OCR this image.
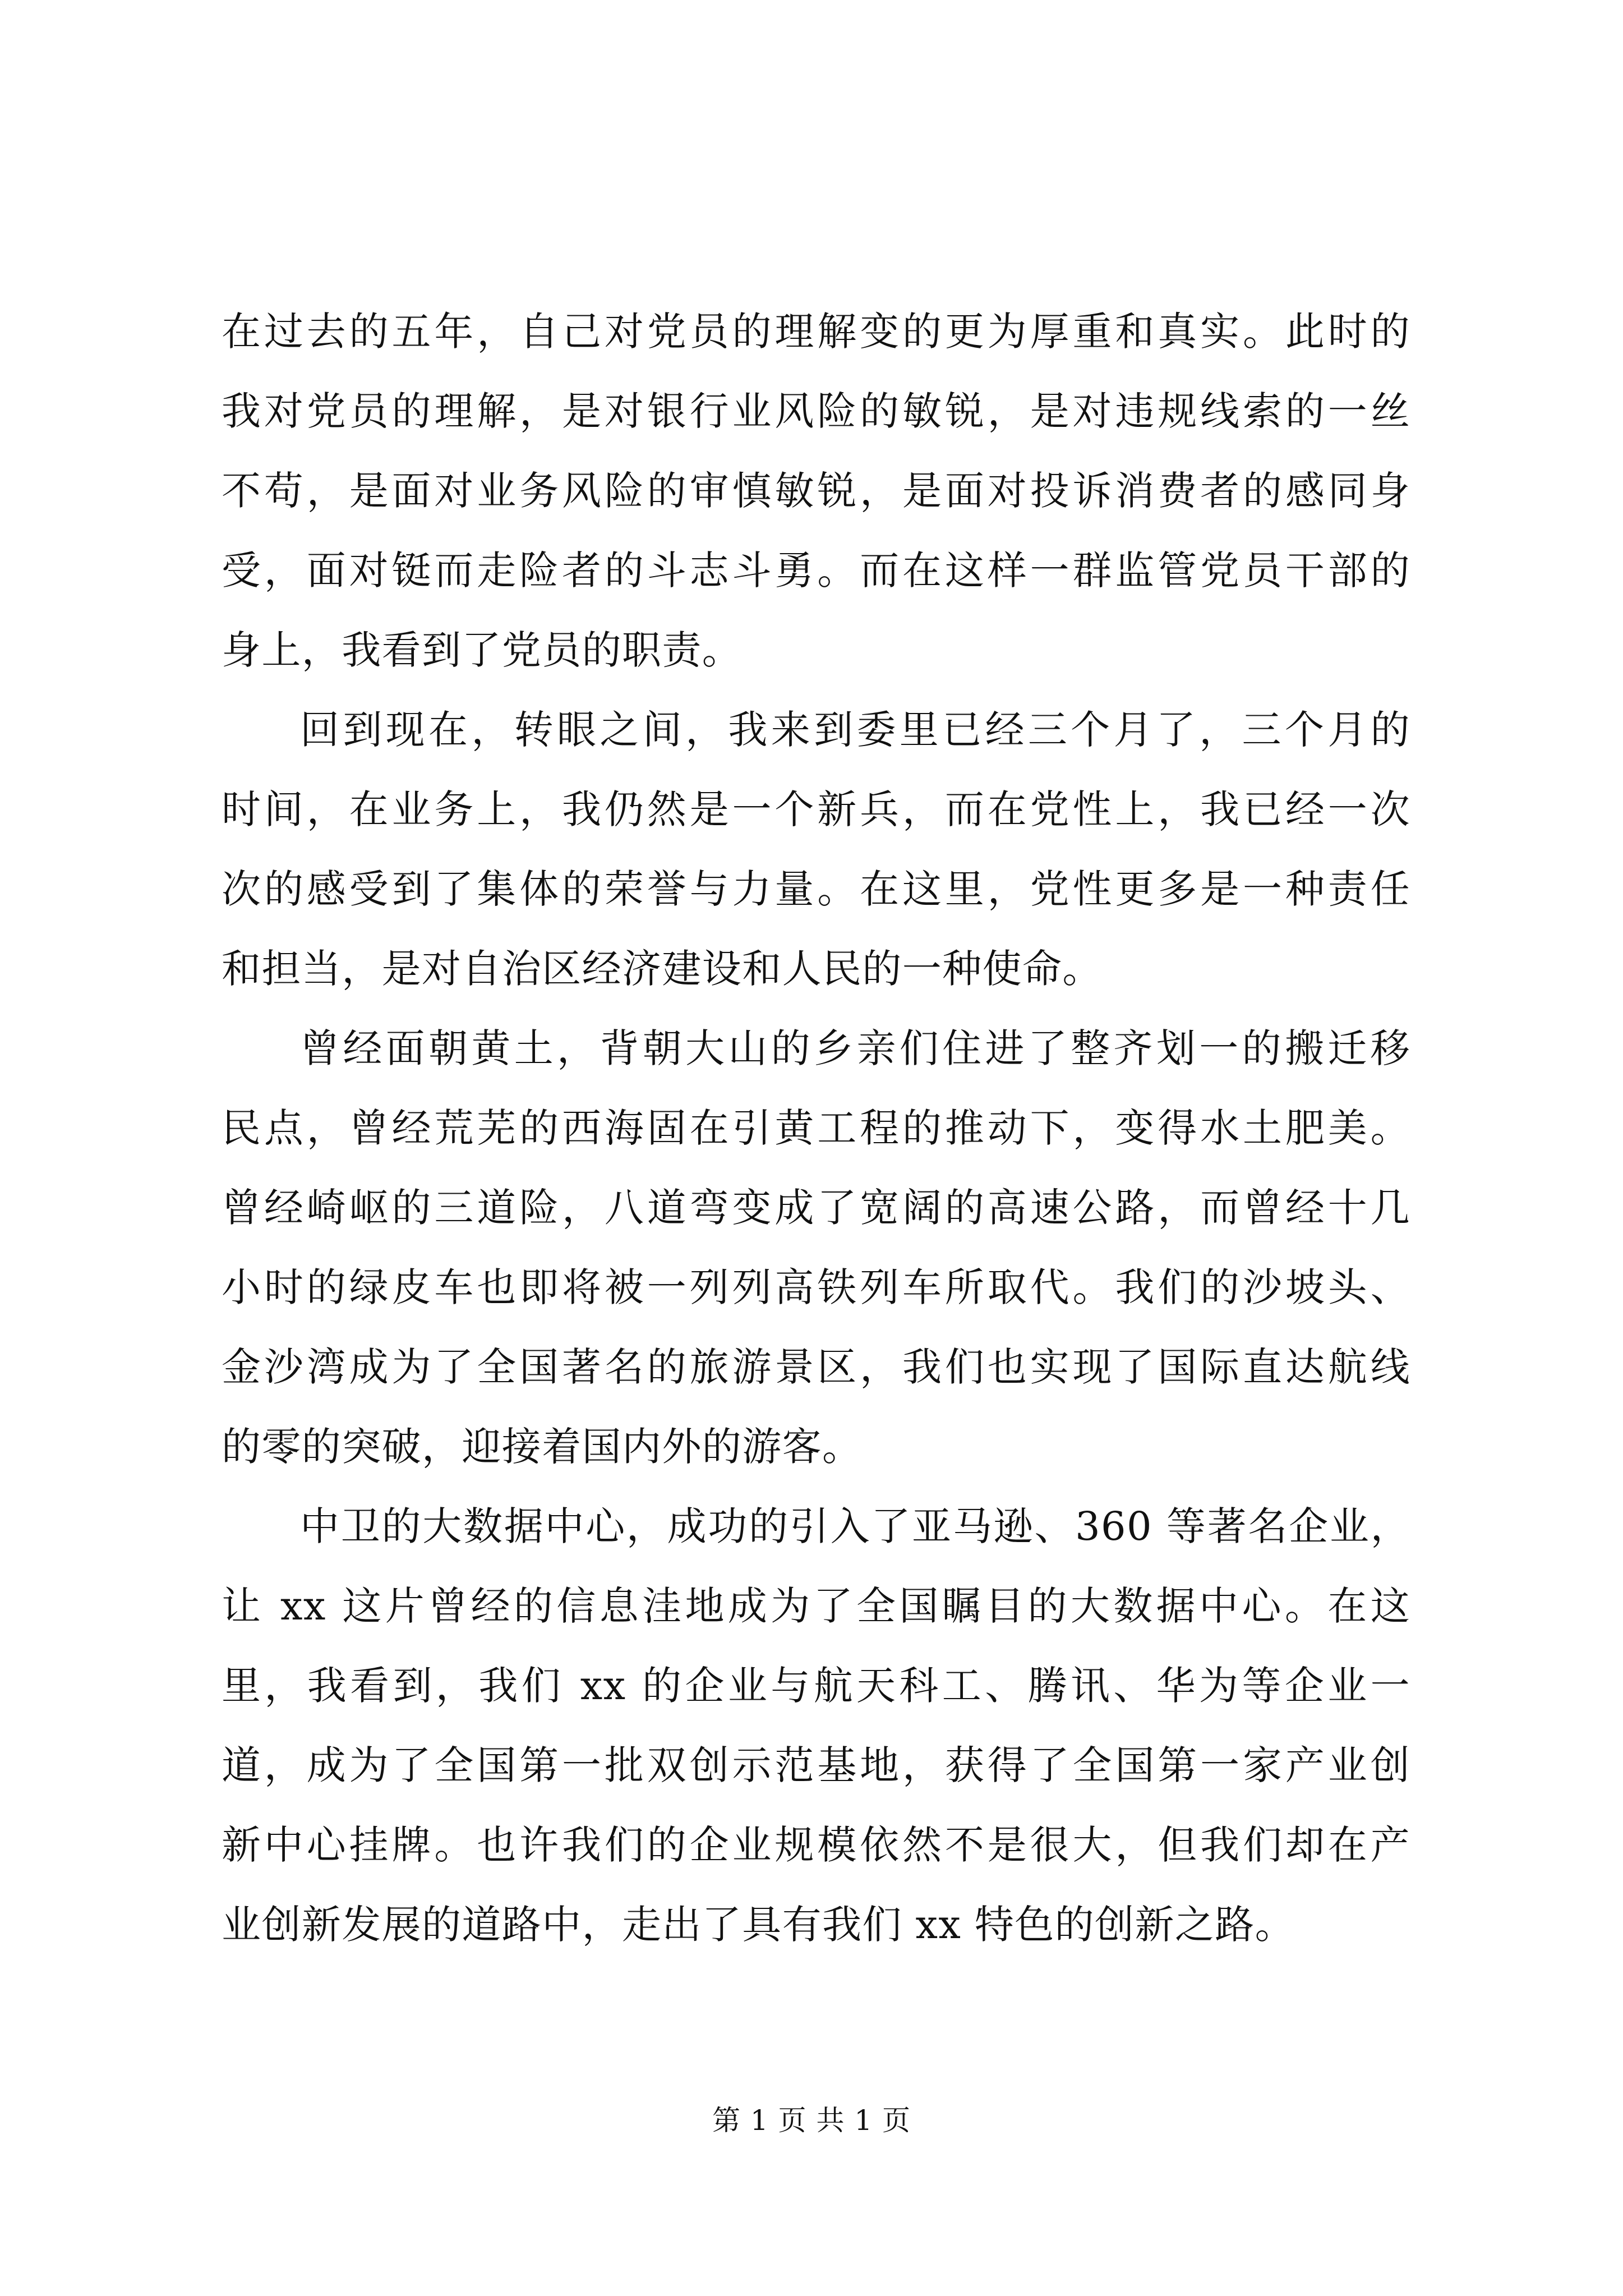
在过去的五年，自己对党员的理解变的更为厚重和真实。此时的
我对党员的理解，是对银行业风险的敏锐，是对违规线索的一丝
不苟，是面对业务风险的审慎敏锐，是面对投诉消费者的感同身
受，面对铤而走险者的斗志斗勇。而在这样一群监管党员干部的
身上，我看到了党员的职责。

回到现在，转眼之间，我来到委里已经三个月了，三个月的
时间，在业务上，我仍然是一个新兵，而在党性上，我已经一次
次的感受到了集体的荣誉与力量。在这里，党性更多是一种责任
和担当，是对自治区经济建设和人民的一种使命。

曾经面朝黄土，背朝大山的乡亲们住进了整齐划一的搬迁移
民点，曾经荒芜的西海固在引黄工程的推动下，变得水土肥美。
曾经崎岖的三道险，八道弯变成了宽阔的高速公路，而曾经十几
小时的绿皮车也即将被一列列高铁列车所取代。我们的沙坡头、
金沙湾成为了全国著名的旅游景区，我们也实现了国际直达航线
的零的突破，迎接着国内外的游客。

中卫的大数据中心，成功的引入了亚马逊、360 等著名企业，
让 xx 这片曾经的信息洼地成为了全国瞩目的大数据中心。在这
里，我看到，我们 xx 的企业与航天科工、腾讯、华为等企业一
道，成为了全国第一批双创示范基地，获得了全国第一家产业创
新中心挂牌。也许我们的企业规模依然不是很大，但我们却在产
业创新发展的道路中，走出了具有我们 xx 特色的创新之路。

第 1 页 共 1 页
